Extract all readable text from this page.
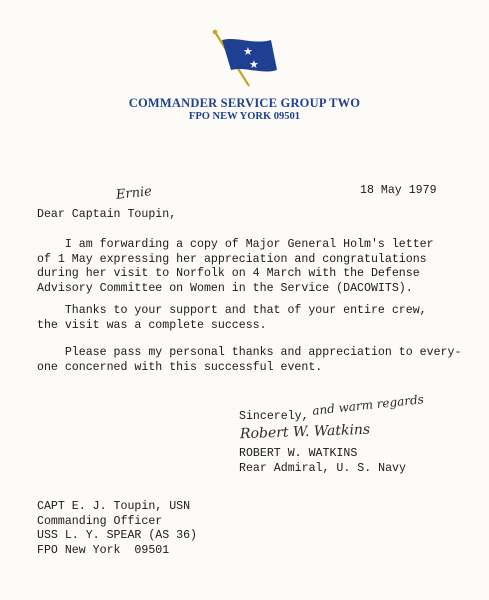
★
★
COMMANDER SERVICE GROUP TWO
FPO NEW YORK 09501
18 May 1979
Ernie
Dear Captain Toupin,
I am forwarding a copy of Major General Holm's letter
of 1 May expressing her appreciation and congratulations
during her visit to Norfolk on 4 March with the Defense
Advisory Committee on Women in the Service (DACOWITS).
Thanks to your support and that of your entire crew,
the visit was a complete success.
Please pass my personal thanks and appreciation to every-
one concerned with this successful event.
Sincerely, and warm regards
Robert W. Watkins
ROBERT W. WATKINS
Rear Admiral, U. S. Navy
CAPT E. J. Toupin, USN
Commanding Officer
USS L. Y. SPEAR (AS 36)
FPO New York  09501
